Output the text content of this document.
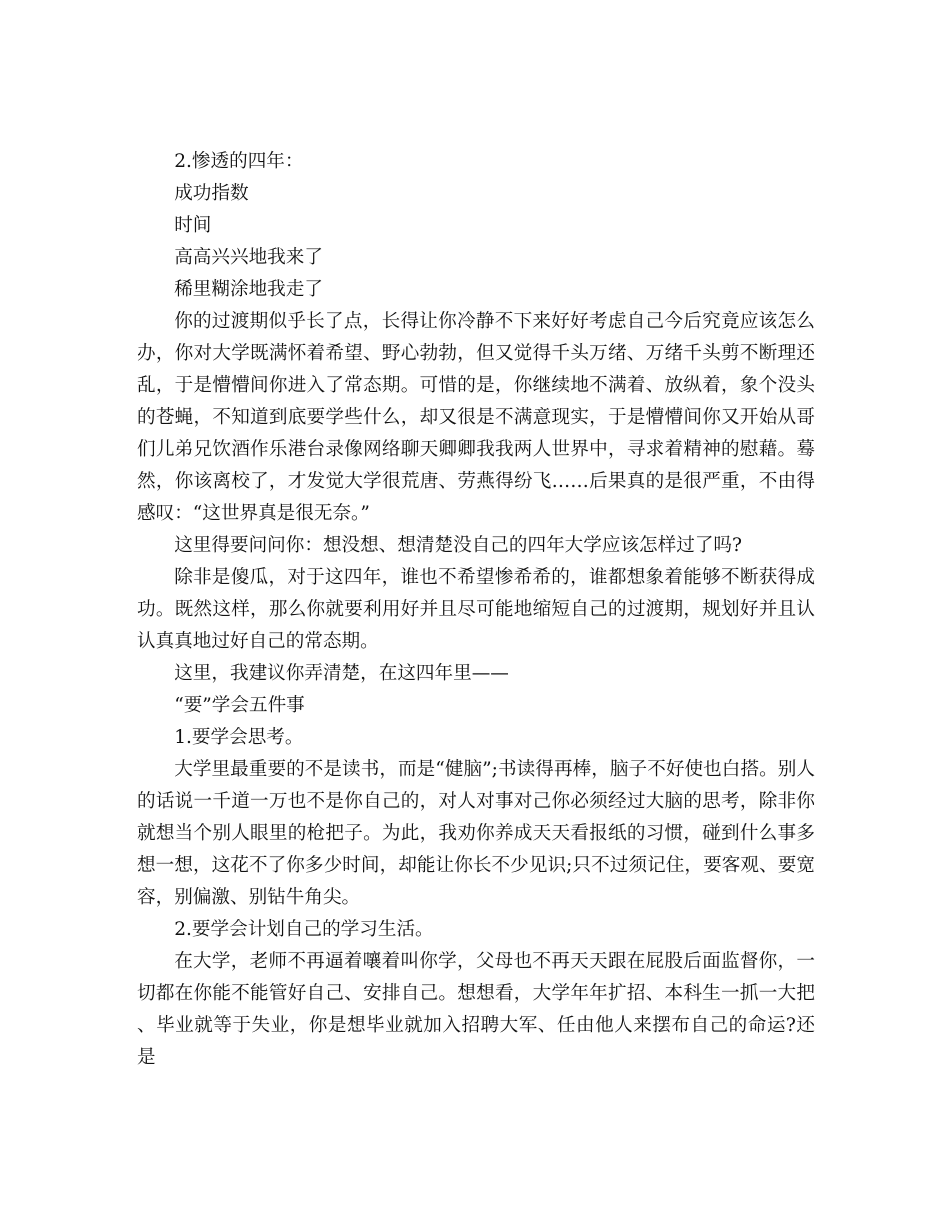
2.惨透的四年：

成功指数

时间

高高兴兴地我来了

稀里糊涂地我走了

你的过渡期似乎长了点，长得让你冷静不下来好好考虑自己今后究竟应该怎么办，你对大学既满怀着希望、野心勃勃，但又觉得千头万绪、万绪千头剪不断理还乱，于是懵懵间你进入了常态期。可惜的是，你继续地不满着、放纵着，象个没头的苍蝇，不知道到底要学些什么，却又很是不满意现实，于是懵懵间你又开始从哥们儿弟兄饮酒作乐港台录像网络聊天卿卿我我两人世界中，寻求着精神的慰藉。蓦然，你该离校了，才发觉大学很荒唐、劳燕得纷飞……后果真的是很严重，不由得感叹：“这世界真是很无奈。”

这里得要问问你：想没想、想清楚没自己的四年大学应该怎样过了吗?

除非是傻瓜，对于这四年，谁也不希望惨希希的，谁都想象着能够不断获得成功。既然这样，那么你就要利用好并且尽可能地缩短自己的过渡期，规划好并且认认真真地过好自己的常态期。

这里，我建议你弄清楚，在这四年里——

“要”学会五件事

1.要学会思考。

大学里最重要的不是读书，而是“健脑”;书读得再棒，脑子不好使也白搭。别人的话说一千道一万也不是你自己的，对人对事对己你必须经过大脑的思考，除非你就想当个别人眼里的枪把子。为此，我劝你养成天天看报纸的习惯，碰到什么事多想一想，这花不了你多少时间，却能让你长不少见识;只不过须记住，要客观、要宽容，别偏激、别钻牛角尖。

2.要学会计划自己的学习生活。

在大学，老师不再逼着嚷着叫你学，父母也不再天天跟在屁股后面监督你，一切都在你能不能管好自己、安排自己。想想看，大学年年扩招、本科生一抓一大把、毕业就等于失业，你是想毕业就加入招聘大军、任由他人来摆布自己的命运?还是
